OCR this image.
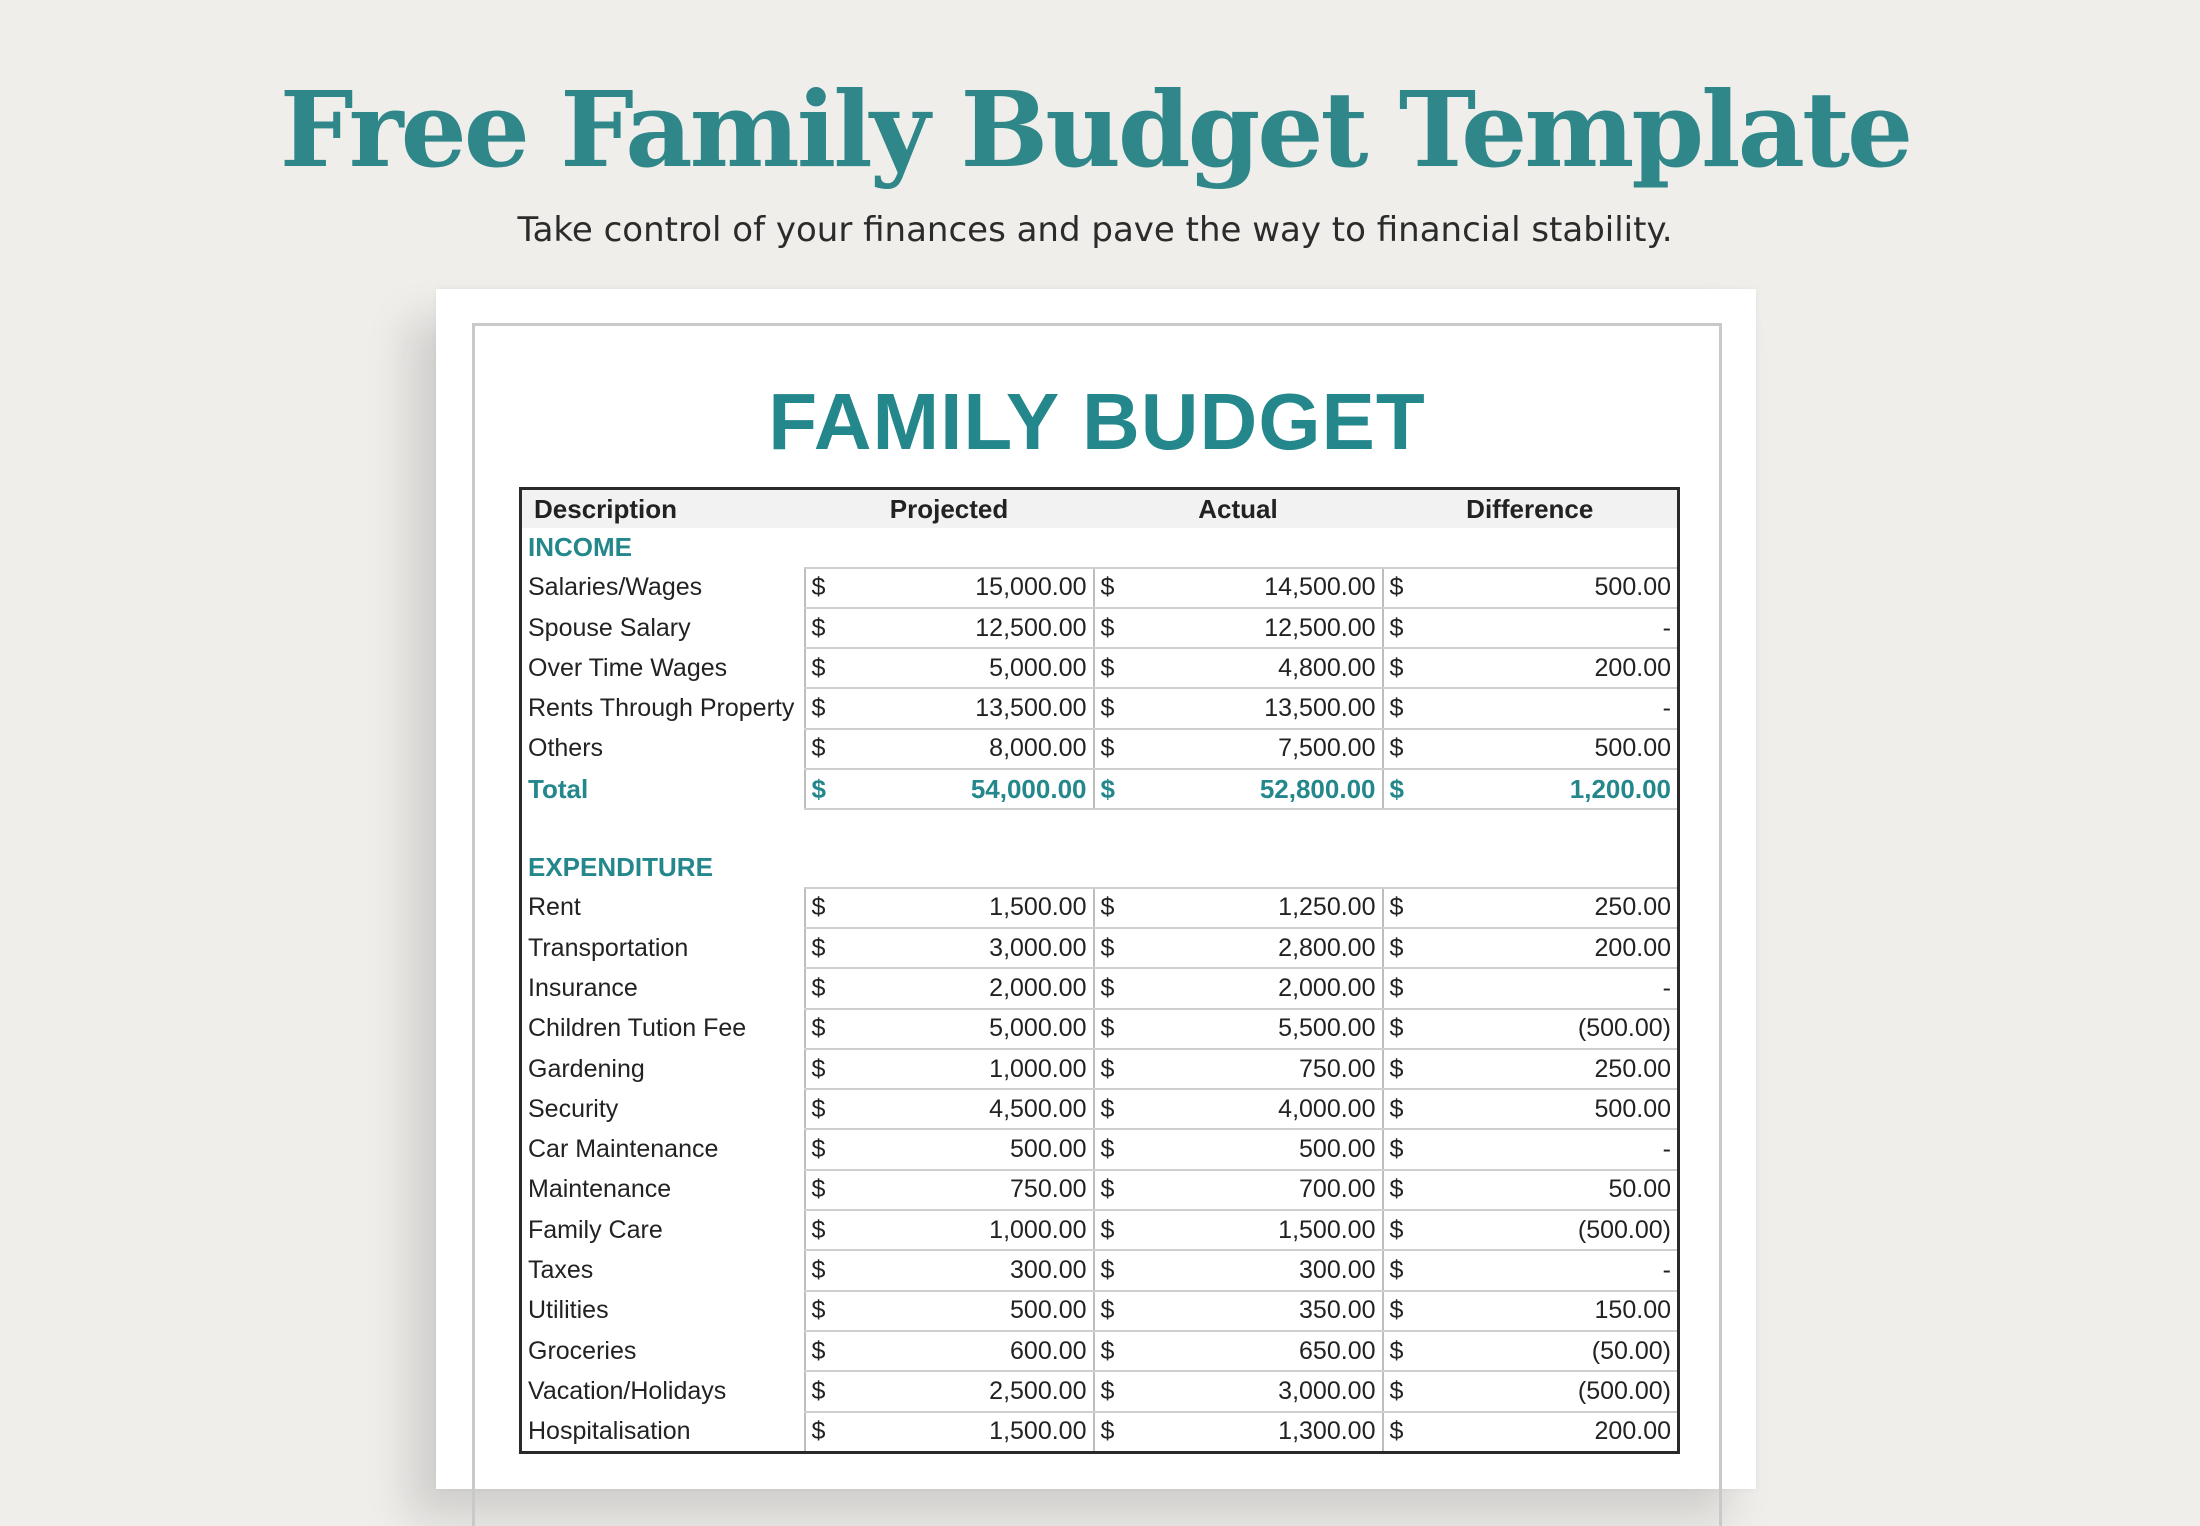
Free Family Budget Template
Take control of your finances and pave the way to financial stability.
FAMILY BUDGET
Description	Projected		Actual		Difference	
INCOME						
Salaries/Wages	$	15,000.00	$	14,500.00	$	500.00
Spouse Salary	$	12,500.00	$	12,500.00	$	-
Over Time Wages	$	5,000.00	$	4,800.00	$	200.00
Rents Through Property	$	13,500.00	$	13,500.00	$	-
Others	$	8,000.00	$	7,500.00	$	500.00
Total	$	54,000.00	$	52,800.00	$	1,200.00

EXPENDITURE						
Rent	$	1,500.00	$	1,250.00	$	250.00
Transportation	$	3,000.00	$	2,800.00	$	200.00
Insurance	$	2,000.00	$	2,000.00	$	-
Children Tution Fee	$	5,000.00	$	5,500.00	$	(500.00)
Gardening	$	1,000.00	$	750.00	$	250.00
Security	$	4,500.00	$	4,000.00	$	500.00
Car Maintenance	$	500.00	$	500.00	$	-
Maintenance	$	750.00	$	700.00	$	50.00
Family Care	$	1,000.00	$	1,500.00	$	(500.00)
Taxes	$	300.00	$	300.00	$	-
Utilities	$	500.00	$	350.00	$	150.00
Groceries	$	600.00	$	650.00	$	(50.00)
Vacation/Holidays	$	2,500.00	$	3,000.00	$	(500.00)
Hospitalisation	$	1,500.00	$	1,300.00	$	200.00
